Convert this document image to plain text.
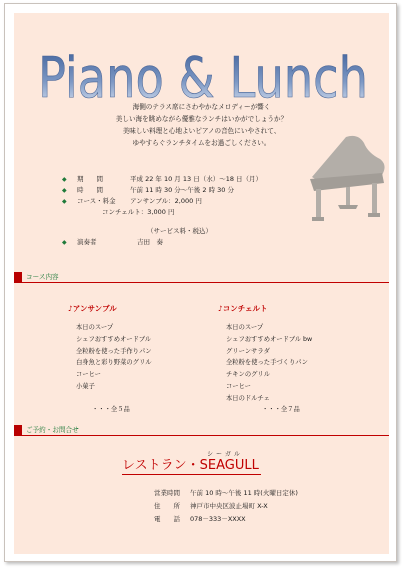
Piano & Lunch
海側のテラス席にさわやかなメロディーが響く
美しい海を眺めながら優雅なランチはいかがでしょうか？
美味しい料理と心地よいピアノの音色にいやされて、
ゆやすらぐランチタイムをお過ごしください。
◆ 期　　間	平成 22 年 10 月 13 日（水）～18 日（月）
◆ 時　　間	午前 11 時 30 分～午後 2 時 30 分
◆ コース・料金 アンサンブル：2,000 円
コンチェルト：3,000 円
（サービス料・税込）
◆ 演奏者	吉田　奏
コース内容
♪アンサンブル
本日のスープ
シェフおすすめオードブル
全粒粉を使った手作りパン
白身魚と彩り野菜のグリル
コーヒー
小菓子
・・・全５品
♪コンチェルト
本日のスープ
シェフおすすめオードブル bw
グリーンサラダ
全粒粉を使った手づくりパン
チキンのグリル
コーヒー
本日のドルチェ
・・・全７品
ご予約・お問合せ
シーガル
レストラン・SEAGULL
営業時間 午前 10 時～午後 11 時(火曜日定休)
住　　所 神戸市中央区波止場町 X-X
電　　話 078－333－XXXX
